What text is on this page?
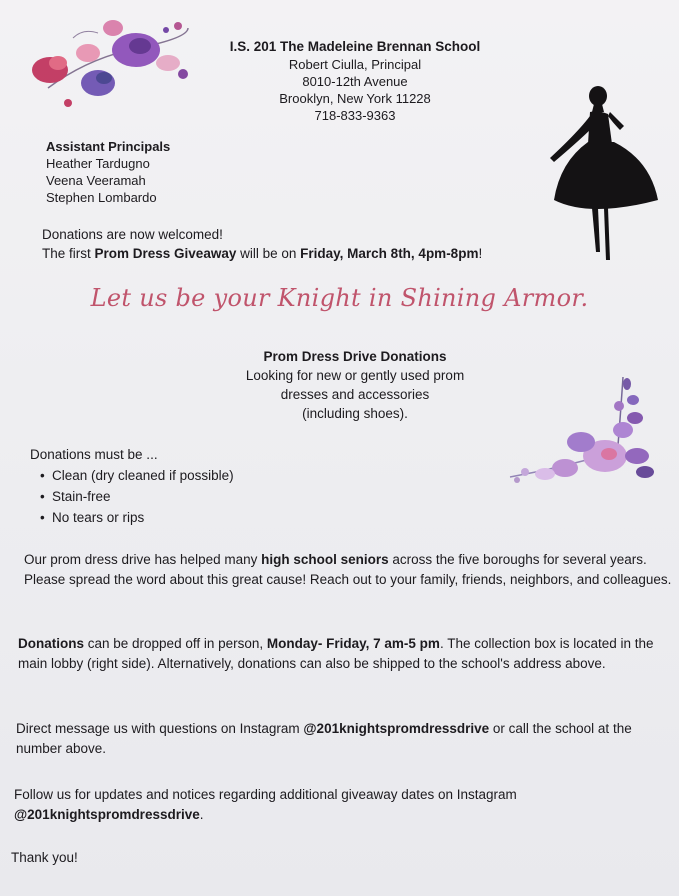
I.S. 201 The Madeleine Brennan School
Robert Ciulla, Principal
8010-12th Avenue
Brooklyn, New York 11228
718-833-9363
Assistant Principals
Heather Tardugno
Veena Veeramah
Stephen Lombardo
Donations are now welcomed!
The first Prom Dress Giveaway will be on Friday, March 8th, 4pm-8pm!
Let us be your Knight in Shining Armor.
Prom Dress Drive Donations
Looking for new or gently used prom
dresses and accessories
(including shoes).
Donations must be ...
• Clean (dry cleaned if possible)
• Stain-free
• No tears or rips
Our prom dress drive has helped many high school seniors across the five boroughs for several years. Please spread the word about this great cause! Reach out to your family, friends, neighbors, and colleagues.
Donations can be dropped off in person, Monday- Friday, 7 am-5 pm. The collection box is located in the main lobby (right side). Alternatively, donations can also be shipped to the school's address above.
Direct message us with questions on Instagram @201knightspromdressdrive or call the school at the number above.
Follow us for updates and notices regarding additional giveaway dates on Instagram @201knightspromdressdrive.
Thank you!
